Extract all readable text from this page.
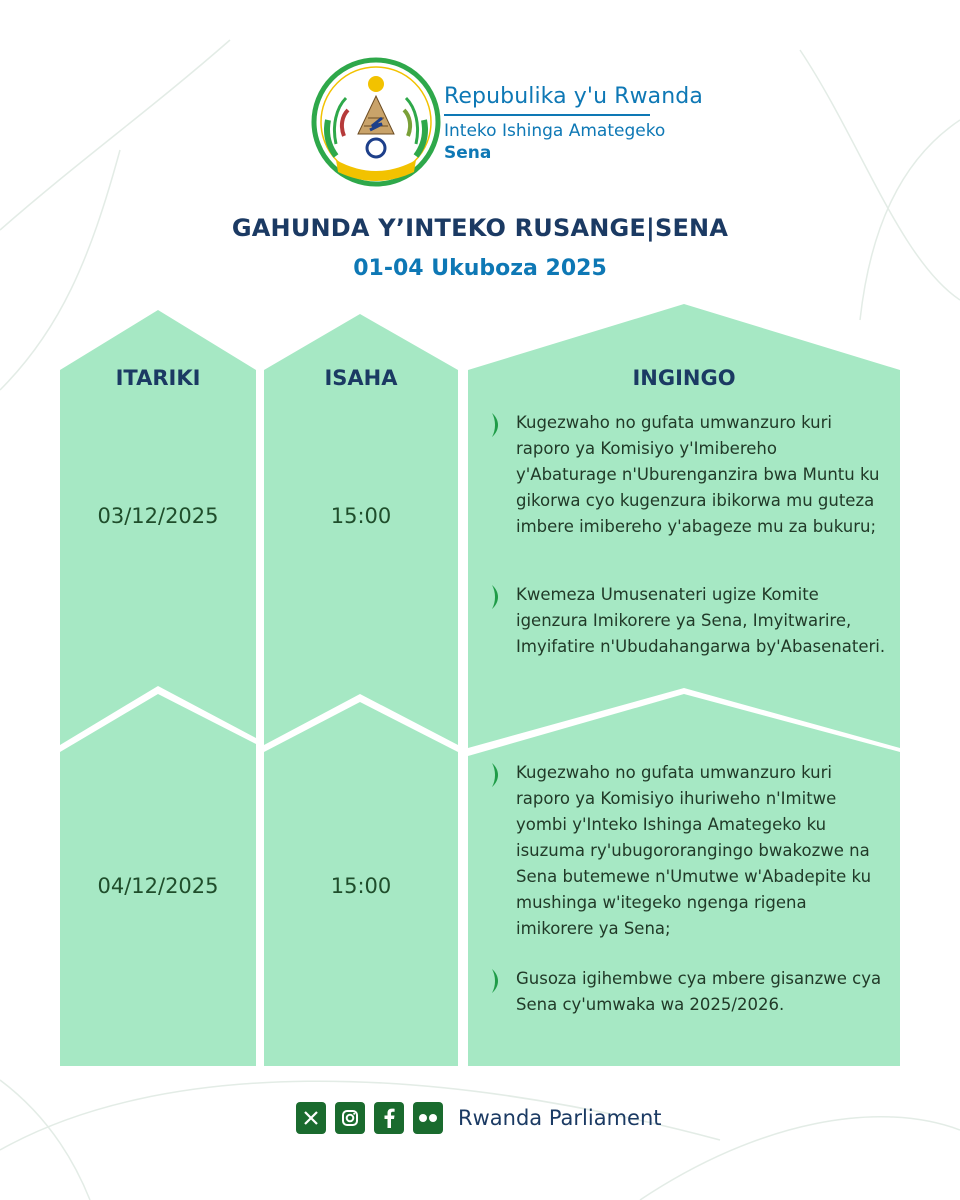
Repubulika y'u Rwanda
Inteko Ishinga Amategeko
Sena
GAHUNDA Y’INTEKO RUSANGE|SENA
01-04 Ukuboza 2025
ITARIKI	ISAHA	INGINGO
03/12/2025	15:00
Kugezwaho no gufata umwanzuro kuri
raporo ya Komisiyo y'Imibereho
y'Abaturage n'Uburenganzira bwa Muntu ku
gikorwa cyo kugenzura ibikorwa mu guteza
imbere imibereho y'abageze mu za bukuru;
Kwemeza Umusenateri ugize Komite
igenzura Imikorere ya Sena, Imyitwarire,
Imyifatire n'Ubudahangarwa by'Abasenateri.
04/12/2025	15:00
Kugezwaho no gufata umwanzuro kuri
raporo ya Komisiyo ihuriweho n'Imitwe
yombi y'Inteko Ishinga Amategeko ku
isuzuma ry'ubugororangingo bwakozwe na
Sena butemewe n'Umutwe w'Abadepite ku
mushinga w'itegeko ngenga rigena
imikorere ya Sena;
Gusoza igihembwe cya mbere gisanzwe cya
Sena cy'umwaka wa 2025/2026.
Rwanda Parliament
